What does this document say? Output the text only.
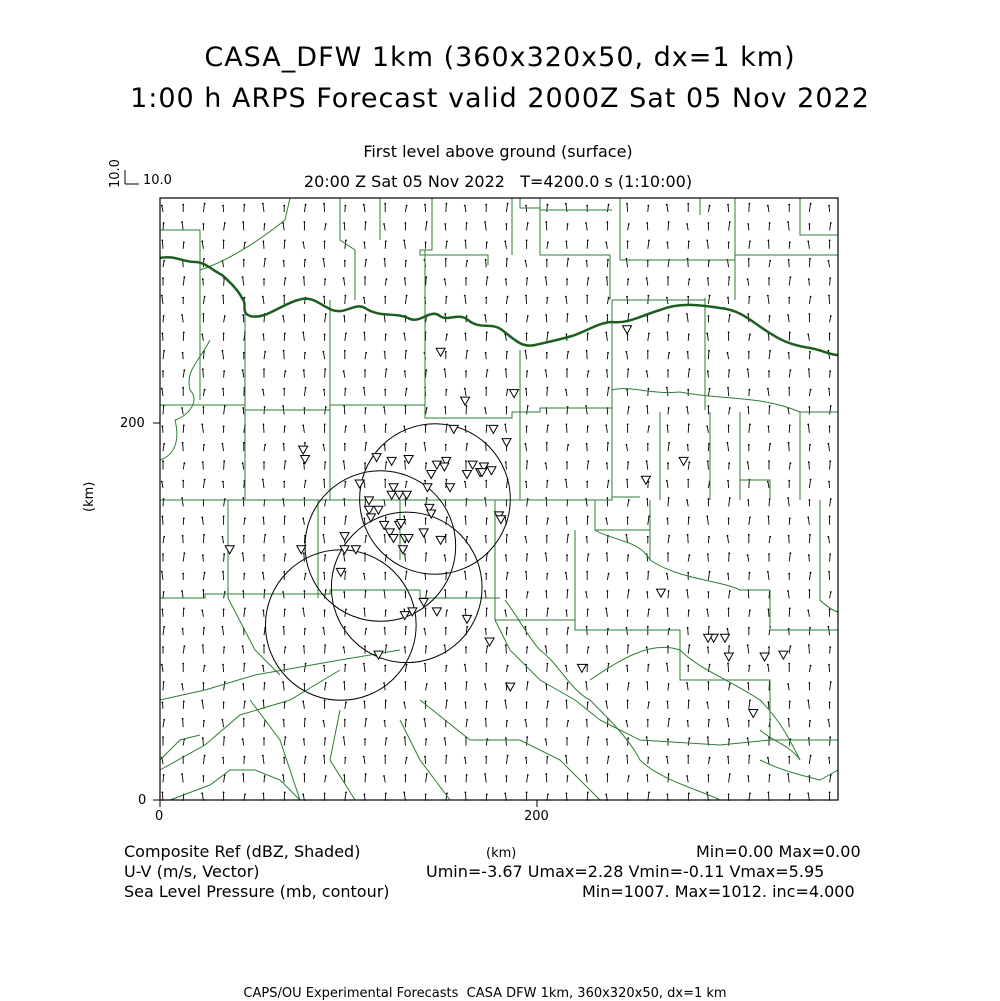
CASA_DFW 1km (360x320x50, dx=1 km)
1:00 h ARPS Forecast valid 2000Z Sat 05 Nov 2022
First level above ground (surface)
20:00 Z Sat 05 Nov 2022   T=4200.0 s (1:10:00)
10.0 10.0
0
200
0	200
(km)
(km)
Composite Ref (dBZ, Shaded)	Min=0.00 Max=0.00
U-V (m/s, Vector)	Umin=-3.67 Umax=2.28 Vmin=-0.11 Vmax=5.95
Sea Level Pressure (mb, contour)	Min=1007. Max=1012. inc=4.000
CAPS/OU Experimental Forecasts  CASA DFW 1km, 360x320x50, dx=1 km
